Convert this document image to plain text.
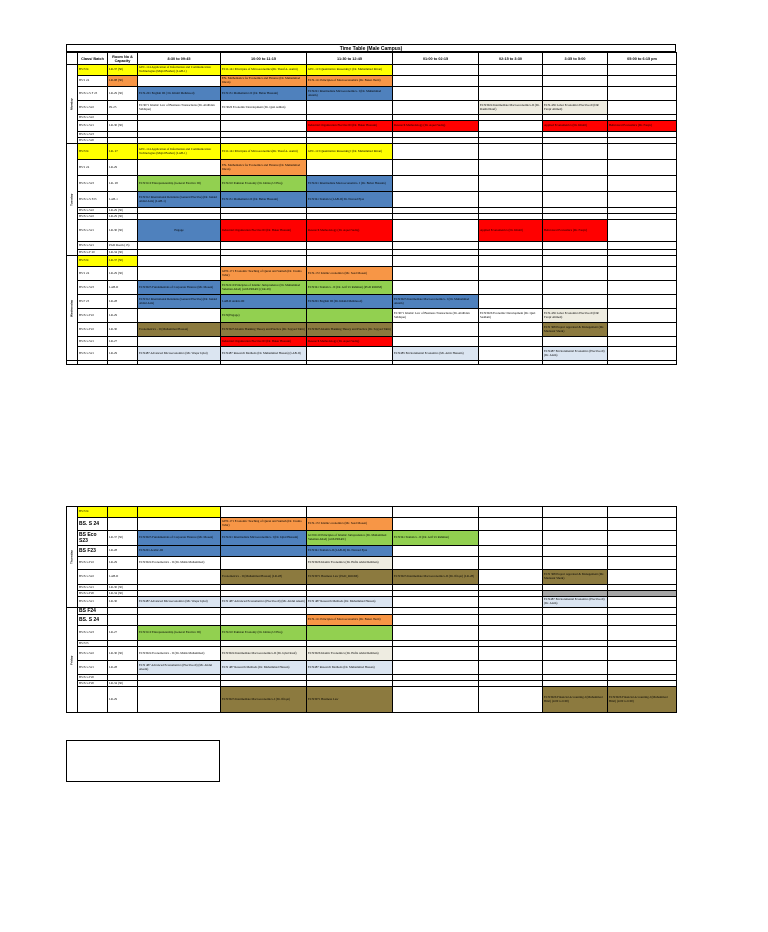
Time Table (Male Campus)
	Class/ Batch	Room No & Capacity	8:30 to 09:45	10:00 to 11:15	11:30 to 12:45	01:00 to 02:15	02:15 to 3:30	3:35 to 5:00	05:00 to 6:15 pm
Monday	BS F24	LR-37 (50)	GEC-114 Application of Information and Communication Technologies (Majid Basher) (LAB-1)	ECO-141 Principles of Microeconomics(Dr. Yusuf A. Aamri)	GEC-113 Quantitative Reasoning I (Dr. Muhammad Imran)				
	BS S 24	LR-08 (30)		EN- Mathematics for Economics and Finance (Dr. Muhammad Imran)	ECN-111 Principles of Macroeconomics (Dr. Bakar Jhatti)				
	BS Eco S F 23	LR-29 (30)	ECN-201 English III ( Dr. Khalil Mehmood)	ECN131 Mathematics II (Dr. Babar Hussain)	ECN221 Intermediate Microeconomics- I (Dr. Muhammad Akram)				
	BS Eco S22	IN-25	EC3071 Islamic Law of Business Transactions (Dr. Abdlldan Siddique)	EC3026 Economic Development (Dr. Qazi Adilun)			ECN3024 Intermediate Macroeconomics-II (Dr. Rashid Rauf)	ECN-436 Labor Economics Elective-II (DR Farqir Ahmed)	
	BS Eco S22								
	BS Eco S21	LR-30 (30)			Industrial Organization Elective III (Dr. Bakar Hussain)	Research Methodology (Dr. Aqeel Sadiq)		Applied Econometrics (Dr. Khalil)	Behavioral Economics (Dr. Farqir)
	BS Eco S23								
	BS Eco S20								
Tuesday	BS F24	LR- 27	GEC-114 Application of Information and Communication Technologies (Majid Basher) (LAB-1)	ECO-141 Principles of Microeconomics(Dr. Yusuf A. Aamri)	GEC-113 Quantitative Reasoning I (Dr. Muhammad Imran)				
	BS S 24	LR-29		EN- Mathematics for Economics and Finance (Dr. Muhammad Imran)					
	BS Eco S23	LR- 28	ECN3110 Entrepreneurship (General Elective III)	ECN210 Pakistan Economy (Dr. Ishtiaq Ul Haq)	ECN221 Intermediate Macroeconomics- I (Dr. Babar Hussain)				
	BS Eco S F23	LAB-1	ECN312 International Relations (General Elective) (Dr. Junaid Abdul Aziz) (LAB-1)	ECN131 Mathematics II (Dr. Babar Hussain)	ECN341 Statistics (LAB-II) Dr. Naveed Ejaz				
	BS Eco S22	LR-29 (30)							
	BS Eco S22	LR-29 (30)							
	BS Eco S21	LR-30 (30)	Engage	Industrial Organization Elective III (Dr. Bakar Hussain)	Research Methodology (Dr. Aqeel Sadiq)		Applied Econometrics (Dr. Khalil)	Behavioral Economics (Dr. Farqir)	
	BS Eco S21	PGD Room (15)							
	BS Eco F 20	LR-34 (30)							
Wednesday	BS F24	LR-37 (50)							
	BS S 24	LR-29 (30)		GEN-171 Economic Teaching of Quran and Sunnah (Dr. Usama Tahir)	ECN-172 Islamic economics (Mr. Saad Moeen)				
	BS Eco S23	LAB-II	ECN3025 Fundamentals of Corporate Finance (Mr. Moeen)	ECN2210 Principles of Islamic Jurisprudence (Dr. Muhammad Suleman Ahad) (with PPARC) (LR-29)	ECN341 Statistics - II (Dr. Arif Ur Rehman) (PGD ROOM)				
	BS F 23	LR-28	ECN312 International Relations (General Elective) (Dr. Junaid Abdul Aziz)	LAB-II Arabic-III	ECN201 English III (Dr. Khalid Mehmood)	ECN3023 Intermediate Macroeconomics- I (Dr. Muhammad Akram)			
	BS Eco F22	LR-29		ECN(Engage)		EC3071 Islamic Law of Business Transactions (Dr. Abdlldan Siddique)	ECN3026 Economic Development (Dr. Qazi Saddam)	ECN-436 Labor Economics Elective-II (DR Farqir Ahmed)	
	BS Eco F22	LR-30	Econometrics - II (Muhammad Hassan)	ECN3025 Islamic Banking Theory and Practice (Dr. Sayyed Tahir)	ECN3025 Islamic Banking Theory and Practice (Dr. Sayyed Tahir)			ECN 368 Project Appraisal & Management (Mr. Mudassir Sheik)	
	BS Eco S21	LR-27		Industrial Organization Elective III (Dr. Bakar Hussain)	Research Methodology (Dr. Aqeel Sadiq)				
	BS Eco S21	LR-29	ECN487 Advanced Microeconomics (Mr. Waqar Iqbal)	ECN487 Research Methods (Dr. Muhammad Hassan) (LAB-II)		ECN485 Environmental Economics (Mr. Amir Hussain)		ECN487 Environmental Economics (Elective-II) (Dr. Alam)	

Thursday	BS F24								
	BS. S 24			GEN-171 Economic Teaching of Quran and Sunnah (Dr. Usama Tahir)	ECN-172 Islamic economics (Mr. Saad Moeen)				
	BS Eco S23	LR-37 (50)	ECN3025 Fundamentals of Corporate Finance (Mr. Moeen)	ECN221 Intermediate Microeconomics- I (Dr. Iqbal Hussain)	GCN2110 Principles of Islamic Jurisprudence (Dr. Muhammad Suleman Ahad) (with PPARC)	ECN341 Statistics - II (Dr. Arif Ur Rehman)			
	BS F23	LR-28	ECN201 Arabic-III		ECN341 Statistics-II (LAB-II) Dr. Naveed Ejaz				
	BS Eco F22	LR-29	ECN3024 Econometrics - II (Dr. Malik Muhammad)		ECN3026 Islamic Economics (Dr. Hafiz Abdul Rehman)				
	BS Eco S22	LAB-II		Econometrics - II (Muhammad Hassan) (LR-28)	ECN3071 Business Law (PGD_ROOM)	ECN3023 Intermediate Macroeconomics-II (Dr. Iftiqar) (LR-28)		ECN 368 Project Appraisal & Management (Mr. Mudassir Sheik)	
	BS Eco S21	LR-30 (30)							
	BS Eco F20	LR-34 (30)							
	BS Eco S21	LR-30	ECN487 Advanced Microeconomics (Mr. Waqar Iqbal)	ECN 487 Advanced Econometrics (Elective-II) (Mr. Abdul Aleem)	ECN 487 Research Methods (Dr. Muhammad Hassan)			ECN487 Environmental Economics (Elective-II) (Dr. Alam)	
Friday	BS F24								
	BS. S 24				ECN-111 Principles of Macroeconomics (Dr. Bakar Jhatti)				
	BS Eco S23	LR-27	ECN3110 Entrepreneurship (General Elective III)	ECN210 Pakistan Economy (Dr. Ishtiaq Ul Haq)					
	BS F23								
	BS Eco S22	LR-30 (30)	ECN3024 Econometrics - II (Dr. Malik Muhammad)	ECN3024 Intermediate Macroeconomics-II (Dr. Iqbal Rauf)	ECN3026 Islamic Economics (Dr. Hafiz Abdul Rehman)				
	BS Eco S21	LR-28	ECN 487 Advanced Econometrics (Elective-II) (Mr. Abdul Aleem)	ECN 487 Research Methods (Dr. Muhammad Hassan)	ECN487 Research Methods (Dr. Muhammad Hassan)				
	BS Eco F20								
	BS Eco F20	LR-34 (30)							
		LR-29		ECN3023 Intermediate Macroeconomics-I (Dr. Iftiqar)	ECN3071 Business Law			ECN3026 Financial Accounting-I (Muhammad Bilal) (4:00 to 6:00)	ECN3026 Financial Accounting-I (Muhammad Bilal) (4:00 to 6:00)
